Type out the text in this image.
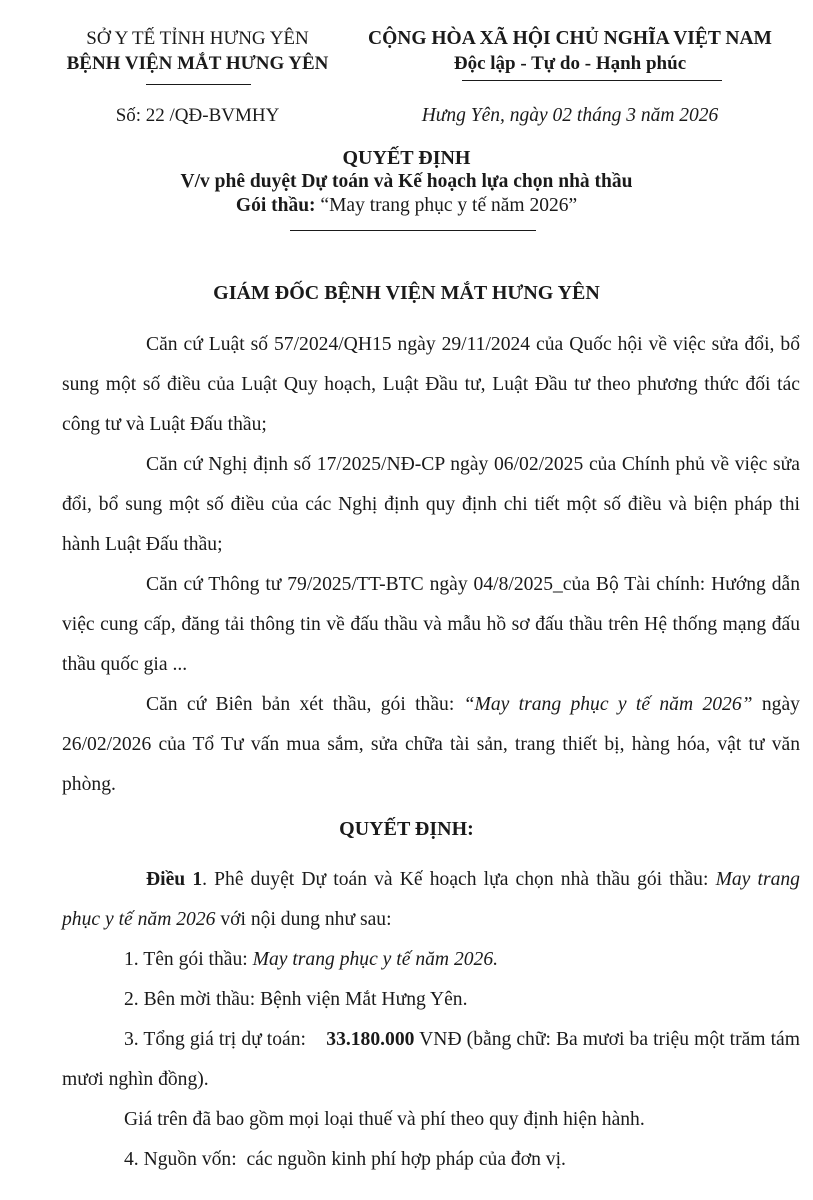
SỞ Y TẾ TỈNH HƯNG YÊN
BỆNH VIỆN MẮT HƯNG YÊN
CỘNG HÒA XÃ HỘI CHỦ NGHĨA VIỆT NAM
Độc lập - Tự do - Hạnh phúc
Số: 22 /QĐ-BVMHY	Hưng Yên, ngày 02 tháng 3 năm 2026
QUYẾT ĐỊNH
V/v phê duyệt Dự toán và Kế hoạch lựa chọn nhà thầu
Gói thầu: “May trang phục y tế năm 2026”
GIÁM ĐỐC BỆNH VIỆN MẮT HƯNG YÊN

Căn cứ Luật số 57/2024/QH15 ngày 29/11/2024 của Quốc hội về việc sửa đổi, bổ sung một số điều của Luật Quy hoạch, Luật Đầu tư, Luật Đầu tư theo phương thức đối tác công tư và Luật Đấu thầu;

Căn cứ Nghị định số 17/2025/NĐ-CP ngày 06/02/2025 của Chính phủ về việc sửa đổi, bổ sung một số điều của các Nghị định quy định chi tiết một số điều và biện pháp thi hành Luật Đấu thầu;

Căn cứ Thông tư 79/2025/TT-BTC ngày 04/8/2025_của Bộ Tài chính: Hướng dẫn việc cung cấp, đăng tải thông tin về đấu thầu và mẫu hồ sơ đấu thầu trên Hệ thống mạng đấu thầu quốc gia ...

Căn cứ Biên bản xét thầu, gói thầu: “May trang phục y tế năm 2026” ngày 26/02/2026 của Tổ Tư vấn mua sắm, sửa chữa tài sản, trang thiết bị, hàng hóa, vật tư văn phòng.

QUYẾT ĐỊNH:

Điều 1. Phê duyệt Dự toán và Kế hoạch lựa chọn nhà thầu gói thầu: May trang phục y tế năm 2026 với nội dung như sau:

1. Tên gói thầu: May trang phục y tế năm 2026.

2. Bên mời thầu: Bệnh viện Mắt Hưng Yên.

3. Tổng giá trị dự toán:    33.180.000 VNĐ (bằng chữ: Ba mươi ba triệu một trăm tám mươi nghìn đồng).

Giá trên đã bao gồm mọi loại thuế và phí theo quy định hiện hành.

4. Nguồn vốn:  các nguồn kinh phí hợp pháp của đơn vị.
